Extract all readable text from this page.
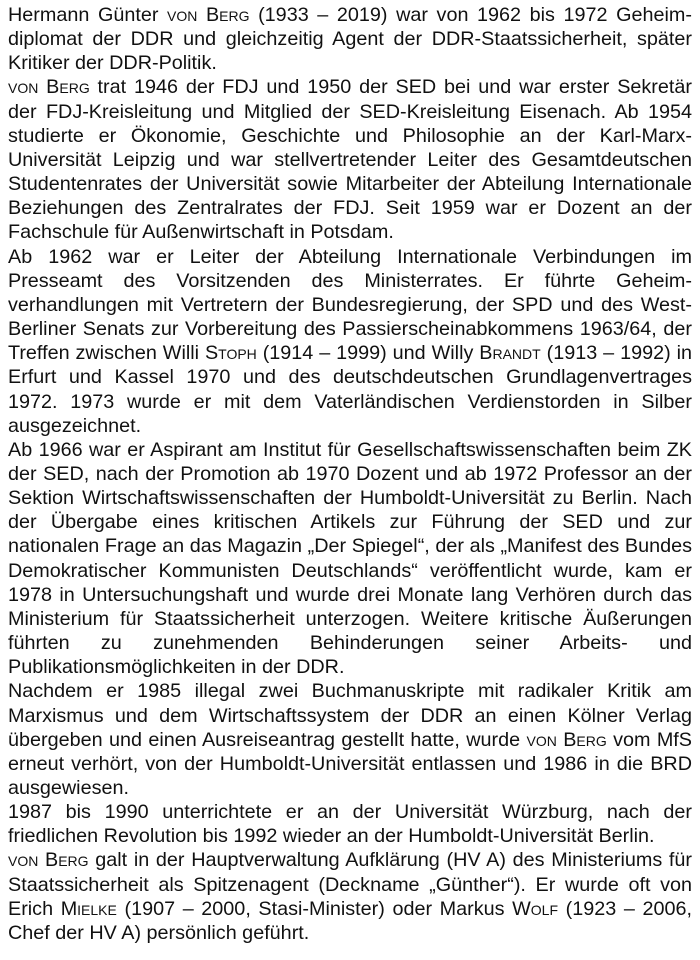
Hermann Günter von Berg (1933 – 2019) war von 1962 bis 1972 Geheimdiplomat der DDR und gleichzeitig Agent der DDR-Staatssicherheit, später Kritiker der DDR-Politik.

von Berg trat 1946 der FDJ und 1950 der SED bei und war erster Sekretär der FDJ-Kreisleitung und Mitglied der SED-Kreisleitung Eisenach. Ab 1954 studierte er Ökonomie, Geschichte und Philosophie an der Karl-Marx-Universität Leipzig und war stellvertretender Leiter des Gesamtdeutschen Studentenrates der Universität sowie Mitarbeiter der Abteilung Internationale Beziehungen des Zentralrates der FDJ. Seit 1959 war er Dozent an der Fachschule für Außenwirtschaft in Potsdam.

Ab 1962 war er Leiter der Abteilung Internationale Verbindungen im Presseamt des Vorsitzenden des Ministerrates. Er führte Geheimverhandlungen mit Vertretern der Bundesregierung, der SPD und des West-Berliner Senats zur Vorbereitung des Passierscheinabkommens 1963/64, der Treffen zwischen Willi Stoph (1914 – 1999) und Willy Brandt (1913 – 1992) in Erfurt und Kassel 1970 und des deutschdeutschen Grundlagenvertrages 1972. 1973 wurde er mit dem Vaterländischen Verdienstorden in Silber ausgezeichnet.

Ab 1966 war er Aspirant am Institut für Gesellschaftswissenschaften beim ZK der SED, nach der Promotion ab 1970 Dozent und ab 1972 Professor an der Sektion Wirtschaftswissenschaften der Humboldt-Universität zu Berlin. Nach der Übergabe eines kritischen Artikels zur Führung der SED und zur nationalen Frage an das Magazin „Der Spiegel“, der als „Manifest des Bundes Demokratischer Kommunisten Deutschlands“ veröffentlicht wurde, kam er 1978 in Untersuchungshaft und wurde drei Monate lang Verhören durch das Ministerium für Staatssicherheit unterzogen. Weitere kritische Äußerungen führten zu zunehmenden Behinderungen seiner Arbeits- und Publikationsmöglichkeiten in der DDR.

Nachdem er 1985 illegal zwei Buchmanuskripte mit radikaler Kritik am Marxismus und dem Wirtschaftssystem der DDR an einen Kölner Verlag übergeben und einen Ausreiseantrag gestellt hatte, wurde von Berg vom MfS erneut verhört, von der Humboldt-Universität entlassen und 1986 in die BRD ausgewiesen.

1987 bis 1990 unterrichtete er an der Universität Würzburg, nach der friedlichen Revolution bis 1992 wieder an der Humboldt-Universität Berlin.

von Berg galt in der Hauptverwaltung Aufklärung (HV A) des Ministeriums für Staatssicherheit als Spitzenagent (Deckname „Günther“). Er wurde oft von Erich Mielke (1907 – 2000, Stasi-Minister) oder Markus Wolf (1923 – 2006, Chef der HV A) persönlich geführt.
